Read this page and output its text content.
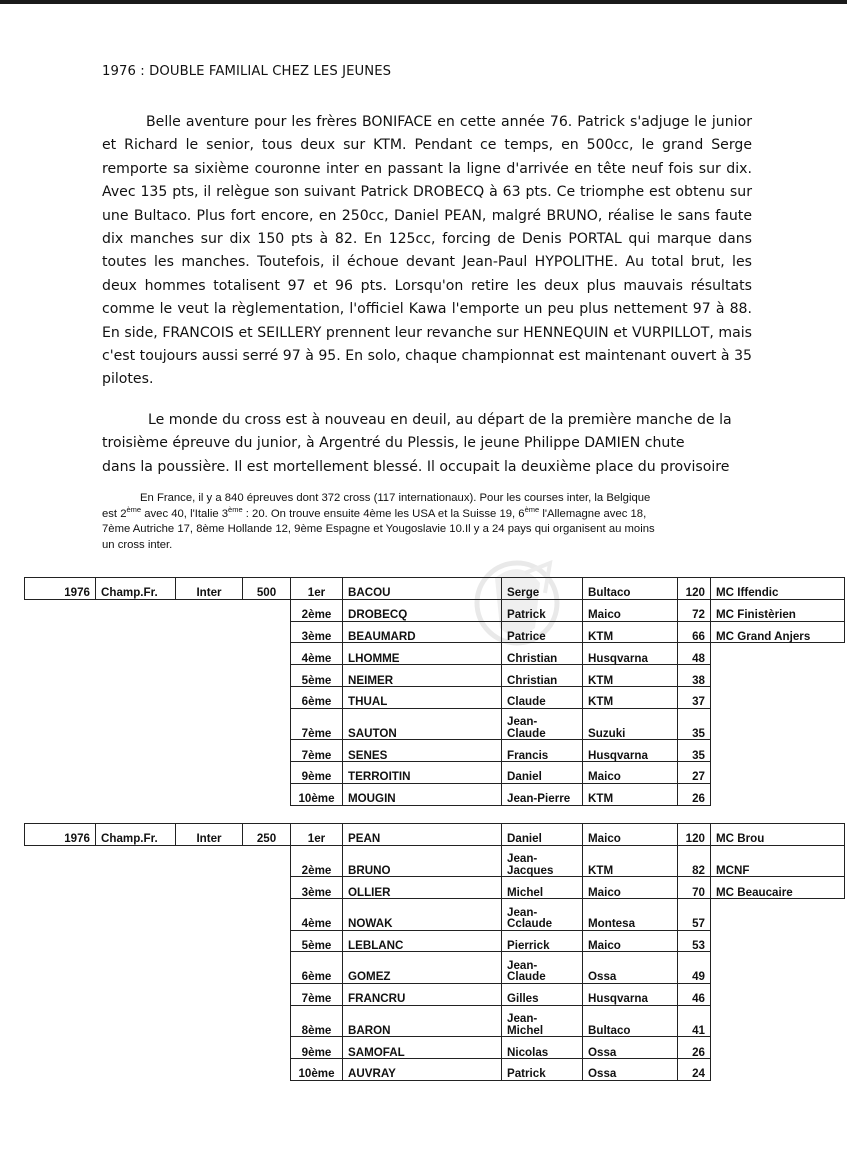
1976 : DOUBLE FAMILIAL CHEZ LES JEUNES
Belle aventure pour les frères BONIFACE en cette année 76. Patrick s'adjuge le junior et Richard le senior, tous deux sur KTM. Pendant ce temps, en 500cc, le grand Serge remporte sa sixième couronne inter en passant la ligne d'arrivée en tête neuf fois sur dix. Avec 135 pts, il relègue son suivant Patrick DROBECQ à 63 pts. Ce triomphe est obtenu sur une Bultaco. Plus fort encore, en 250cc, Daniel PEAN, malgré BRUNO, réalise le sans faute dix manches sur dix 150 pts à 82. En 125cc, forcing de Denis PORTAL qui marque dans toutes les manches. Toutefois, il échoue devant Jean-Paul HYPOLITHE. Au total brut, les deux hommes totalisent 97 et 96 pts. Lorsqu'on retire les deux plus mauvais résultats comme le veut la règlementation, l'officiel Kawa l'emporte un peu plus nettement 97 à 88. En side, FRANCOIS et SEILLERY prennent leur revanche sur HENNEQUIN et VURPILLOT, mais c'est toujours aussi serré 97 à 95. En solo, chaque championnat est maintenant ouvert à 35 pilotes.
Le monde du cross est à nouveau en deuil, au départ de la première manche de la
troisième épreuve du junior, à Argentré du Plessis, le jeune Philippe DAMIEN chute
dans la poussière. Il est mortellement blessé. Il occupait la deuxième place du provisoire
En France, il y a 840 épreuves dont 372 cross (117 internationaux). Pour les courses inter, la Belgique
est 2ème avec 40, l'Italie 3ème : 20. On trouve ensuite 4ème les USA et la Suisse 19, 6ème l'Allemagne avec 18,
7ème Autriche 17, 8ème Hollande 12, 9ème Espagne et Yougoslavie 10.Il y a 24 pays qui organisent au moins
un cross inter.
1976	Champ.Fr.	Inter	500	1er	BACOU	Serge	Bultaco	120	MC Iffendic
				2ème	DROBECQ	Patrick	Maico	72	MC Finistèrien
				3ème	BEAUMARD	Patrice	KTM	66	MC Grand Anjers
				4ème	LHOMME	Christian	Husqvarna	48	
				5ème	NEIMER	Christian	KTM	38	
				6ème	THUAL	Claude	KTM	37	
				7ème	SAUTON	Jean-
Claude	Suzuki	35	
				7ème	SENES	Francis	Husqvarna	35	
				9ème	TERROITIN	Daniel	Maico	27	
				10ème	MOUGIN	Jean-Pierre	KTM	26	
1976	Champ.Fr.	Inter	250	1er	PEAN	Daniel	Maico	120	MC Brou
				2ème	BRUNO	Jean-
Jacques	KTM	82	MCNF
				3ème	OLLIER	Michel	Maico	70	MC Beaucaire
				4ème	NOWAK	Jean-
Cclaude	Montesa	57	
				5ème	LEBLANC	Pierrick	Maico	53	
				6ème	GOMEZ	Jean-
Claude	Ossa	49	
				7ème	FRANCRU	Gilles	Husqvarna	46	
				8ème	BARON	Jean-
Michel	Bultaco	41	
				9ème	SAMOFAL	Nicolas	Ossa	26	
				10ème	AUVRAY	Patrick	Ossa	24	
